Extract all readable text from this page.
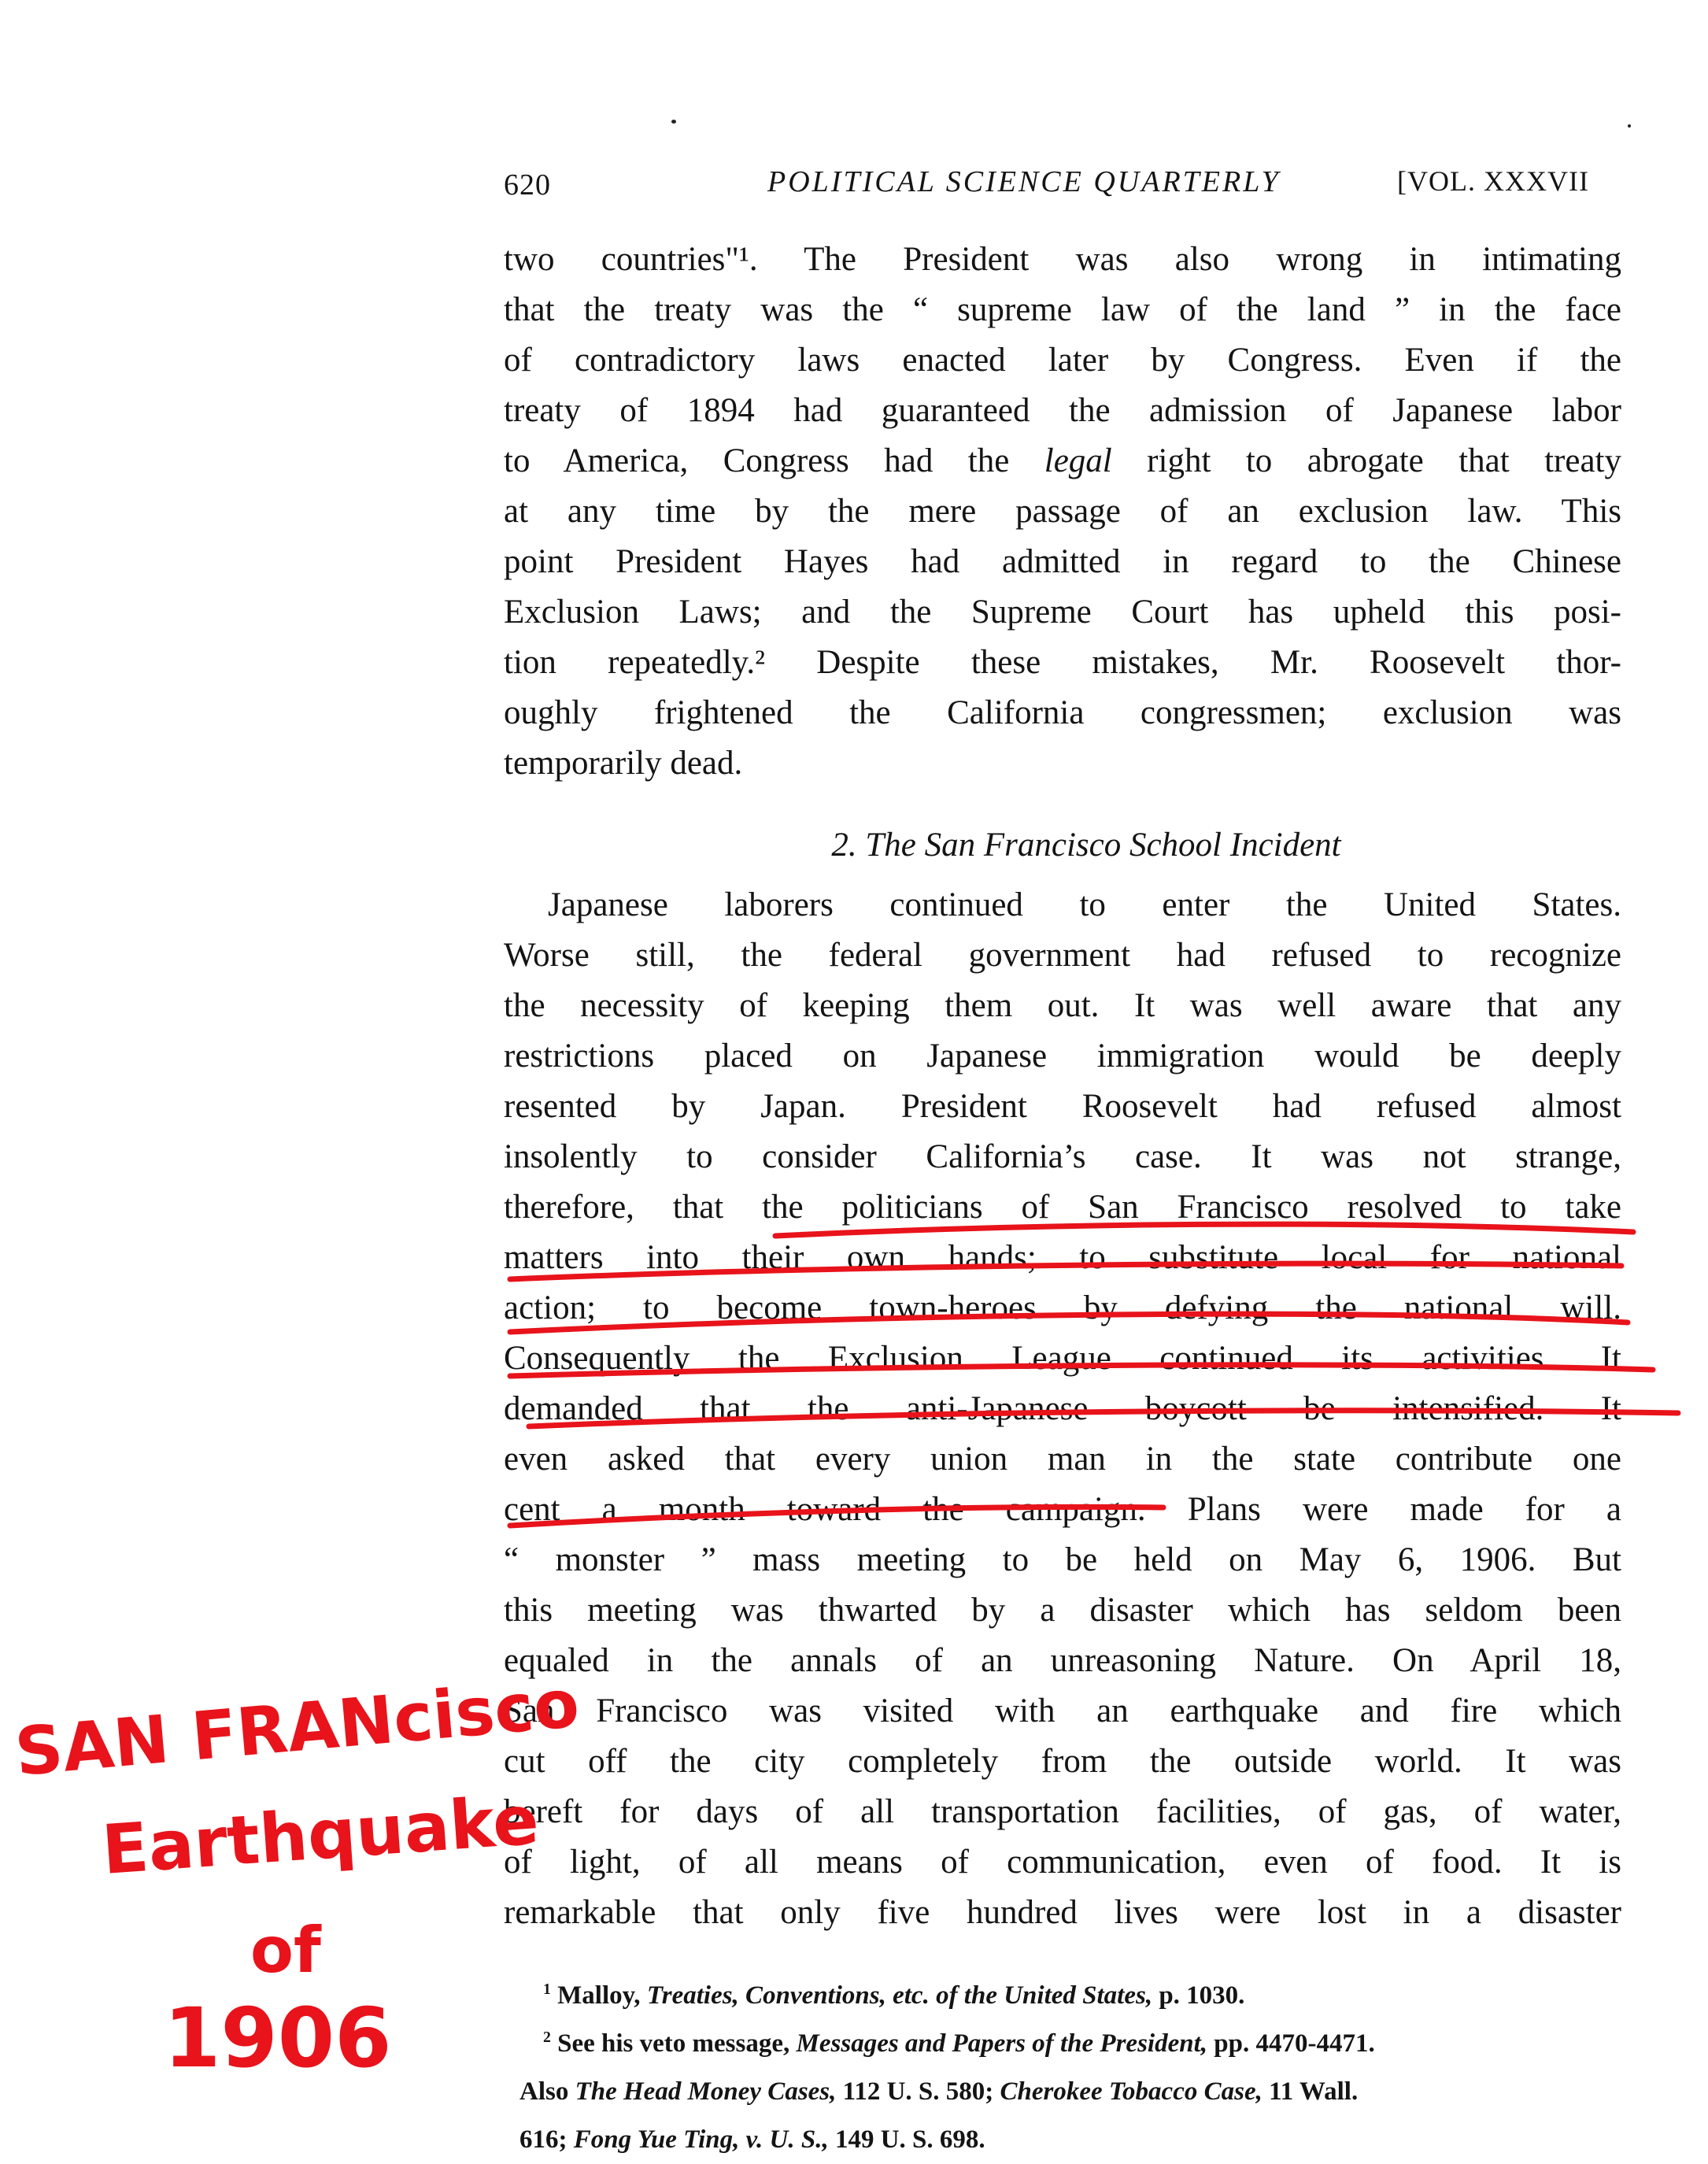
620	POLITICAL SCIENCE QUARTERLY	[VOL. XXXVII
two countries"¹. The President was also wrong in intimating
that the treaty was the “ supreme law of the land ” in the face
of contradictory laws enacted later by Congress. Even if the
treaty of 1894 had guaranteed the admission of Japanese labor
to America, Congress had the legal right to abrogate that treaty
at any time by the mere passage of an exclusion law. This
point President Hayes had admitted in regard to the Chinese
Exclusion Laws; and the Supreme Court has upheld this posi-
tion repeatedly.² Despite these mistakes, Mr. Roosevelt thor-
oughly frightened the California congressmen; exclusion was
temporarily dead.
2. The San Francisco School Incident
Japanese laborers continued to enter the United States.
Worse still, the federal government had refused to recognize
the necessity of keeping them out. It was well aware that any
restrictions placed on Japanese immigration would be deeply
resented by Japan. President Roosevelt had refused almost
insolently to consider California’s case. It was not strange,
therefore, that the politicians of San Francisco resolved to take
matters into their own hands; to substitute local for national
action; to become town-heroes by defying the national will.
Consequently the Exclusion League continued its activities. It
demanded that the anti-Japanese boycott be intensified. It
even asked that every union man in the state contribute one
cent a month toward the campaign. Plans were made for a
“ monster ” mass meeting to be held on May 6, 1906. But
this meeting was thwarted by a disaster which has seldom been
equaled in the annals of an unreasoning Nature. On April 18,
San Francisco was visited with an earthquake and fire which
cut off the city completely from the outside world. It was
bereft for days of all transportation facilities, of gas, of water,
of light, of all means of communication, even of food. It is
remarkable that only five hundred lives were lost in a disaster
$^1$ Malloy, Treaties, Conventions, etc. of the United States, p. 1030.
$^2$ See his veto message, Messages and Papers of the President, pp. 4470-4471.
Also The Head Money Cases, 112 U. S. 580; Cherokee Tobacco Case, 11 Wall.
616; Fong Yue Ting, v. U. S., 149 U. S. 698.
SAN FRANcisco
Earthquake
of
1906
